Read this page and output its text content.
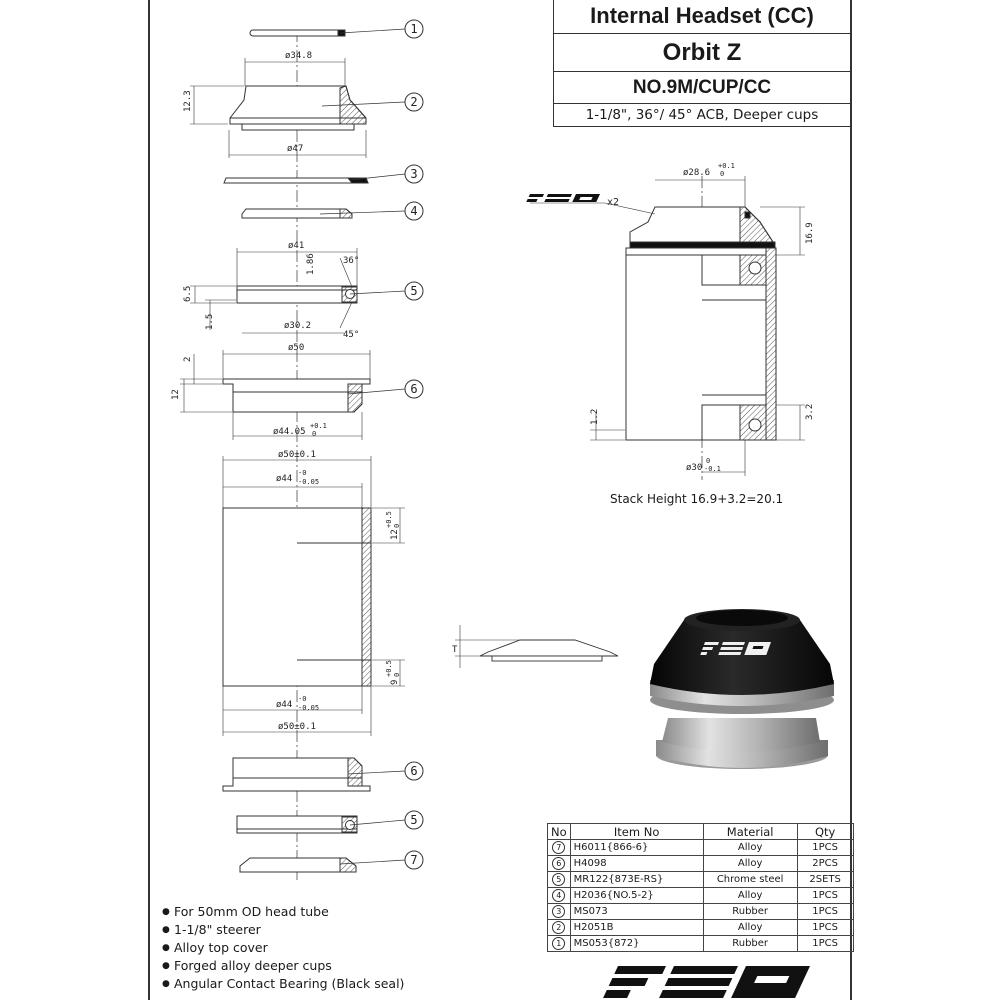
Internal Headset (CC)
Orbit Z
NO.9M/CUP/CC
1-1/8", 36°/ 45° ACB, Deeper cups
1
2
3
4
5
6
6
5
7
ø34.8
12.3
ø47
ø41
1.86	36°
6.5
1.5	ø30.2
45°
ø50
2
12
ø44.05
+0.1
0
ø50±0.1
ø44
-0
-0.05
12
+0.5 0
9
+0.5 0
ø44
-0
-0.05
ø50±0.1
ø28.6
+0.1
0
16.9
1.2	3.2
ø30
0
-0.1
x2
T
Stack Height 16.9+3.2=20.1
No	Item No	Material	Qty
7	H6011{866-6}	Alloy	1PCS
6	H4098	Alloy	2PCS
5	MR122{873E-RS}	Chrome steel	2SETS
4	H2036{NO.5-2}	Alloy	1PCS
3	MS073	Rubber	1PCS
2	H2051B	Alloy	1PCS
1	MS053{872}	Rubber	1PCS
● For 50mm OD head tube
● 1-1/8" steerer
● Alloy top cover
● Forged alloy deeper cups
● Angular Contact Bearing (Black seal)
